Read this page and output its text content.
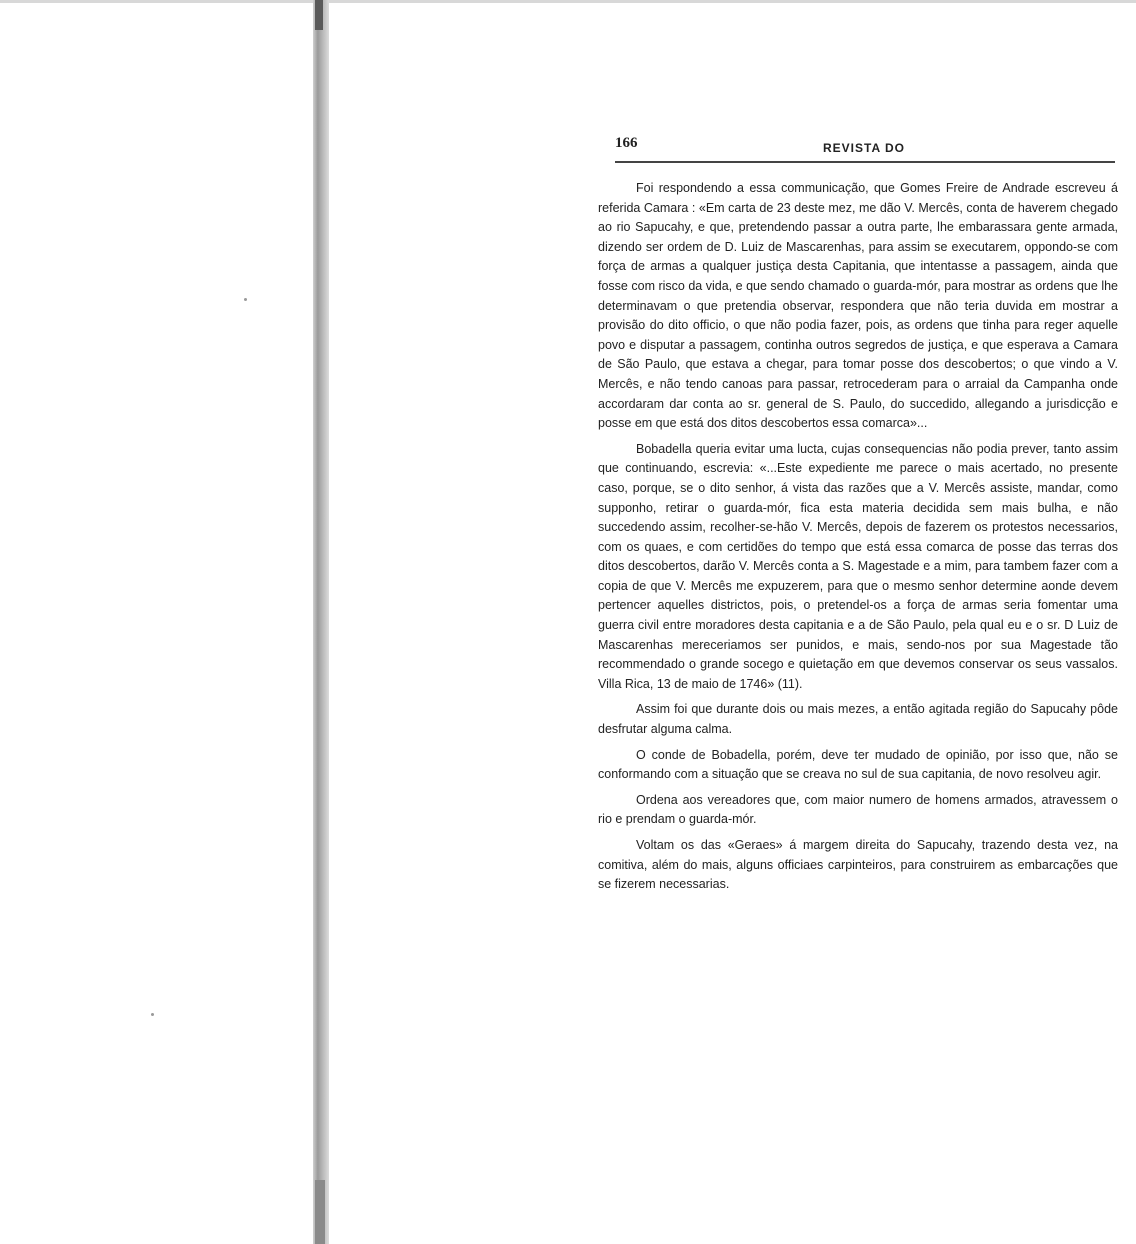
166	REVISTA DO

Foi respondendo a essa communicação, que Gomes Freire de Andrade escreveu á referida Camara : «Em carta de 23 deste mez, me dão V. Mercês, conta de haverem chegado ao rio Sapucahy, e que, pretendendo passar a outra parte, lhe embarassara gente armada, dizendo ser ordem de D. Luiz de Mascarenhas, para assim se executarem, oppondo-se com força de armas a qualquer justiça desta Capitania, que intentasse a passagem, ainda que fosse com risco da vida, e que sendo chamado o guarda-mór, para mostrar as ordens que lhe determinavam o que pretendia observar, respondera que não teria duvida em mostrar a provisão do dito officio, o que não podia fazer, pois, as ordens que tinha para reger aquelle povo e disputar a passagem, continha outros segredos de justiça, e que esperava a Camara de São Paulo, que estava a chegar, para tomar posse dos descobertos; o que vindo a V. Mercês, e não tendo canoas para passar, retrocederam para o arraial da Campanha onde accordaram dar conta ao sr. general de S. Paulo, do succedido, allegando a jurisdicção e posse em que está dos ditos descobertos essa comarca»...

Bobadella queria evitar uma lucta, cujas consequencias não podia prever, tanto assim que continuando, escrevia: «...Este expediente me parece o mais acertado, no presente caso, porque, se o dito senhor, á vista das razões que a V. Mercês assiste, mandar, como supponho, retirar o guarda-mór, fica esta materia decidida sem mais bulha, e não succedendo assim, recolher-se-hão V. Mercês, depois de fazerem os protestos necessarios, com os quaes, e com certidões do tempo que está essa comarca de posse das terras dos ditos descobertos, darão V. Mercês conta a S. Magestade e a mim, para tambem fazer com a copia de que V. Mercês me expuzerem, para que o mesmo senhor determine aonde devem pertencer aquelles districtos, pois, o pretendel-os a força de armas seria fomentar uma guerra civil entre moradores desta capitania e a de São Paulo, pela qual eu e o sr. D Luiz de Mascarenhas mereceriamos ser punidos, e mais, sendo-nos por sua Magestade tão recommendado o grande socego e quietação em que devemos conservar os seus vassalos. Villa Rica, 13 de maio de 1746» (11).

Assim foi que durante dois ou mais mezes, a então agitada região do Sapucahy pôde desfrutar alguma calma.

O conde de Bobadella, porém, deve ter mudado de opinião, por isso que, não se conformando com a situação que se creava no sul de sua capitania, de novo resolveu agir.

Ordena aos vereadores que, com maior numero de homens armados, atravessem o rio e prendam o guarda-mór.

Voltam os das «Geraes» á margem direita do Sapucahy, trazendo desta vez, na comitiva, além do mais, alguns officiaes carpinteiros, para construirem as embarcações que se fizerem necessarias.
